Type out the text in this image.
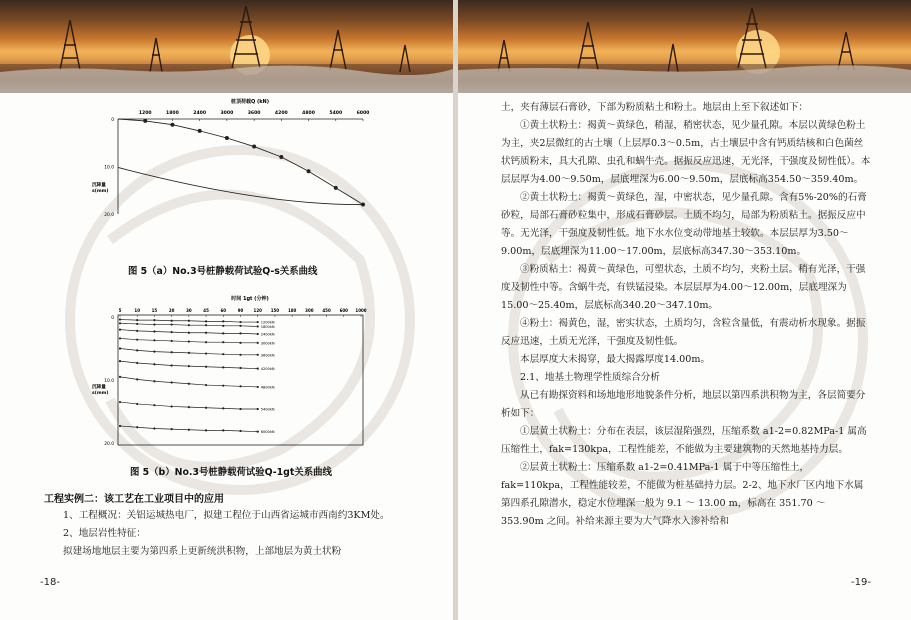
桩顶荷载Q (kN)
1200	1800	2400	3000	3600	4200	4800	5400	6000
0
10.0
20.0
沉降量 s(mm)
图 5（a）No.3号桩静载荷试验Q-s关系曲线
时间 1gt (分钟)
5	10	15	20	30	45	60	90	120 150 180 300 450 600 1000
0
10.0
20.0
沉降量 s(mm)
1200kN
1800kN
2400kN
3000kN
3600kN
4200kN
4800kN
5400kN
6000kN
图 5（b）No.3号桩静载荷试验Q-1gt关系曲线
工程实例二：该工艺在工业项目中的应用

1、工程概况：关铝运城热电厂，拟建工程位于山西省运城市西南约3KM处。

2、地层岩性特征：

拟建场地地层主要为第四系上更新统洪积物，上部地层为黄土状粉

-18-

土，夹有薄层石膏砂，下部为粉质粘土和粉土。地层由上至下叙述如下：

①黄土状粉土：褐黄～黄绿色，稍湿，稍密状态，见少量孔隙。本层以黄绿色粉土为主，夹2层微红的古土壤（上层厚0.3～0.5m，古土壤层中含有钙质结核和白色菌丝状钙质粉末，具大孔隙、虫孔和蜗牛壳。据振反应迅速，无光泽，干强度及韧性低）。本层层厚为4.00～9.50m，层底埋深为6.00～9.50m，层底标高354.50～359.40m。

②黄土状粉土：褐黄～黄绿色，湿，中密状态，见少量孔隙。含有5%-20%的石膏砂粒，局部石膏砂粒集中，形成石膏砂层。土质不均匀，局部为粉质粘土。据振反应中等。无光泽，干强度及韧性低。地下水水位变动带地基土较软。本层层厚为3.50～9.00m，层底埋深为11.00～17.00m，层底标高347.30～353.10m。

③粉质粘土：褐黄～黄绿色，可塑状态，土质不均匀，夹粉土层。稍有光泽，干强度及韧性中等。含蜗牛壳，有铁锰浸染。本层层厚为4.00～12.00m，层底埋深为15.00～25.40m，层底标高340.20～347.10m。

④粉土：褐黄色，湿，密实状态，土质均匀，含粒含量低，有震动析水现象。据振反应迅速，土质无光泽，干强度及韧性低。

本层厚度大未揭穿，最大揭露厚度14.00m。

2.1、地基土物理学性质综合分析

从已有勘探资料和场地地形地貌条件分析，地层以第四系洪积物为主，各层简要分析如下：

①层黄土状粉土：分布在表层，该层湿陷强烈，压缩系数 a1-2=0.82MPa-1 属高压缩性土，fak=130kpa，工程性能差，不能做为主要建筑物的天然地基持力层。

②层黄土状粉土：压缩系数 a1-2=0.41MPa-1 属于中等压缩性土，fak=110kpa，工程性能较差，不能做为桩基础持力层。2-2、地下水厂区内地下水属第四系孔隙潜水，稳定水位埋深一般为 9.1 ～ 13.00 m，标高在 351.70 ～ 353.90m 之间。补给来源主要为大气降水入渗补给和

-19-
